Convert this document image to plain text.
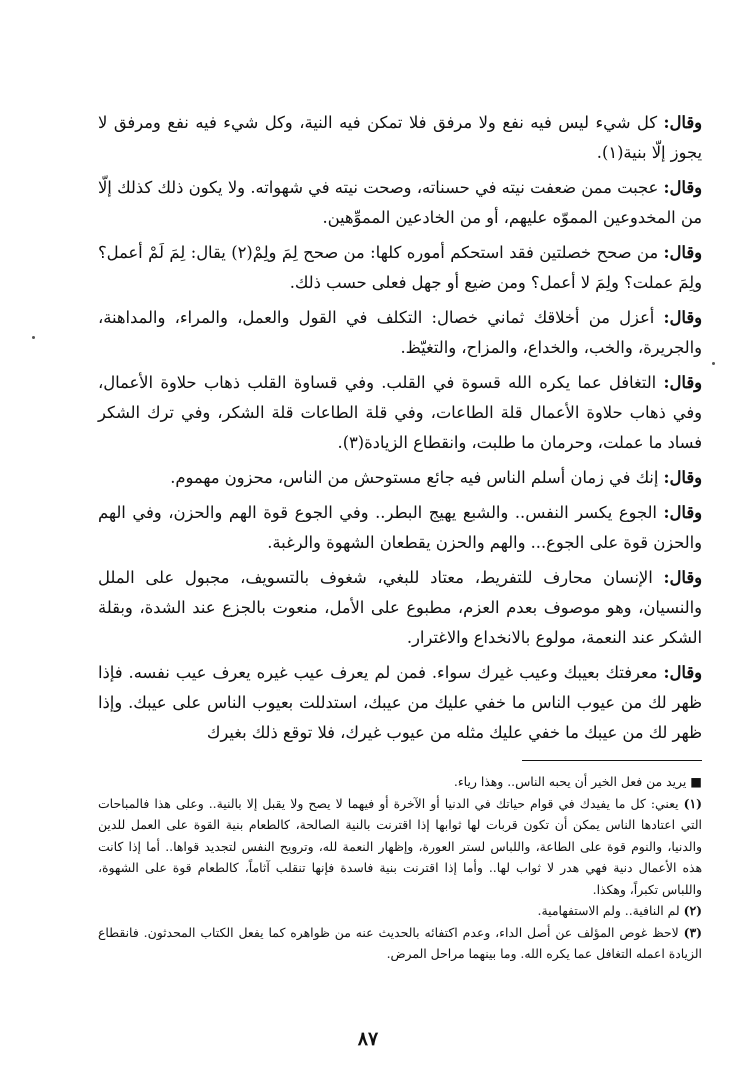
وقال: كل شيء ليس فيه نفع ولا مرفق فلا تمكن فيه النية، وكل شيء فيه نفع ومرفق لا يجوز إلّا بنية(١).

وقال: عجبت ممن ضعفت نيته في حسناته، وصحت نيته في شهواته. ولا يكون ذلك كذلك إلّا من المخدوعين المموّه عليهم، أو من الخادعين المموِّهين.

وقال: من صحح خصلتين فقد استحكم أموره كلها: من صحح لِمَ ولِمْ(٢) يقال: لِمَ لَمْ أعمل؟ ولِمَ عملت؟ ولِمَ لا أعمل؟ ومن ضيع أو جهل فعلى حسب ذلك.

وقال: أعزل من أخلاقك ثماني خصال: التكلف في القول والعمل، والمراء، والمداهنة، والجريرة، والخب، والخداع، والمزاح، والتغيّظ.

وقال: التغافل عما يكره الله قسوة في القلب. وفي قساوة القلب ذهاب حلاوة الأعمال، وفي ذهاب حلاوة الأعمال قلة الطاعات، وفي قلة الطاعات قلة الشكر، وفي ترك الشكر فساد ما عملت، وحرمان ما طلبت، وانقطاع الزيادة(٣).

وقال: إنك في زمان أسلم الناس فيه جائع مستوحش من الناس، محزون مهموم.

وقال: الجوع يكسر النفس.. والشبع يهيج البطر.. وفي الجوع قوة الهم والحزن، وفي الهم والحزن قوة على الجوع... والهم والحزن يقطعان الشهوة والرغبة.

وقال: الإنسان محارف للتفريط، معتاد للبغي، شغوف بالتسويف، مجبول على الملل والنسيان، وهو موصوف بعدم العزم، مطبوع على الأمل، منعوت بالجزع عند الشدة، وبقلة الشكر عند النعمة، مولوع بالانخداع والاغترار.

وقال: معرفتك بعيبك وعيب غيرك سواء. فمن لم يعرف عيب غيره يعرف عيب نفسه. فإذا ظهر لك من عيوب الناس ما خفي عليك من عيبك، استدللت بعيوب الناس على عيبك. وإذا ظهر لك من عيبك ما خفي عليك مثله من عيوب غيرك، فلا توقع ذلك بغيرك

■ يريد من فعل الخير أن يحبه الناس.. وهذا رياء.

(١) يعني: كل ما يفيدك في قوام حياتك في الدنيا أو الآخرة أو فيهما لا يصح ولا يقبل إلا بالنية.. وعلى هذا فالمباحات التي اعتادها الناس يمكن أن تكون قربات لها ثوابها إذا اقترنت بالنية الصالحة، كالطعام بنية القوة على العمل للدين والدنيا، والنوم قوة على الطاعة، واللباس لستر العورة، وإظهار النعمة لله، وترويح النفس لتجديد قواها.. أما إذا كانت هذه الأعمال دنية فهي هدر لا ثواب لها.. وأما إذا اقترنت بنية فاسدة فإنها تنقلب آثاماً، كالطعام قوة على الشهوة، واللباس تكبراً، وهكذا.

(٢) لم النافية.. ولم الاستفهامية.

(٣) لاحظ غوص المؤلف عن أصل الداء، وعدم اكتفائه بالحديث عنه من ظواهره كما يفعل الكتاب المحدثون. فانقطاع الزيادة اعمله التغافل عما يكره الله. وما بينهما مراحل المرض.

٨٧
